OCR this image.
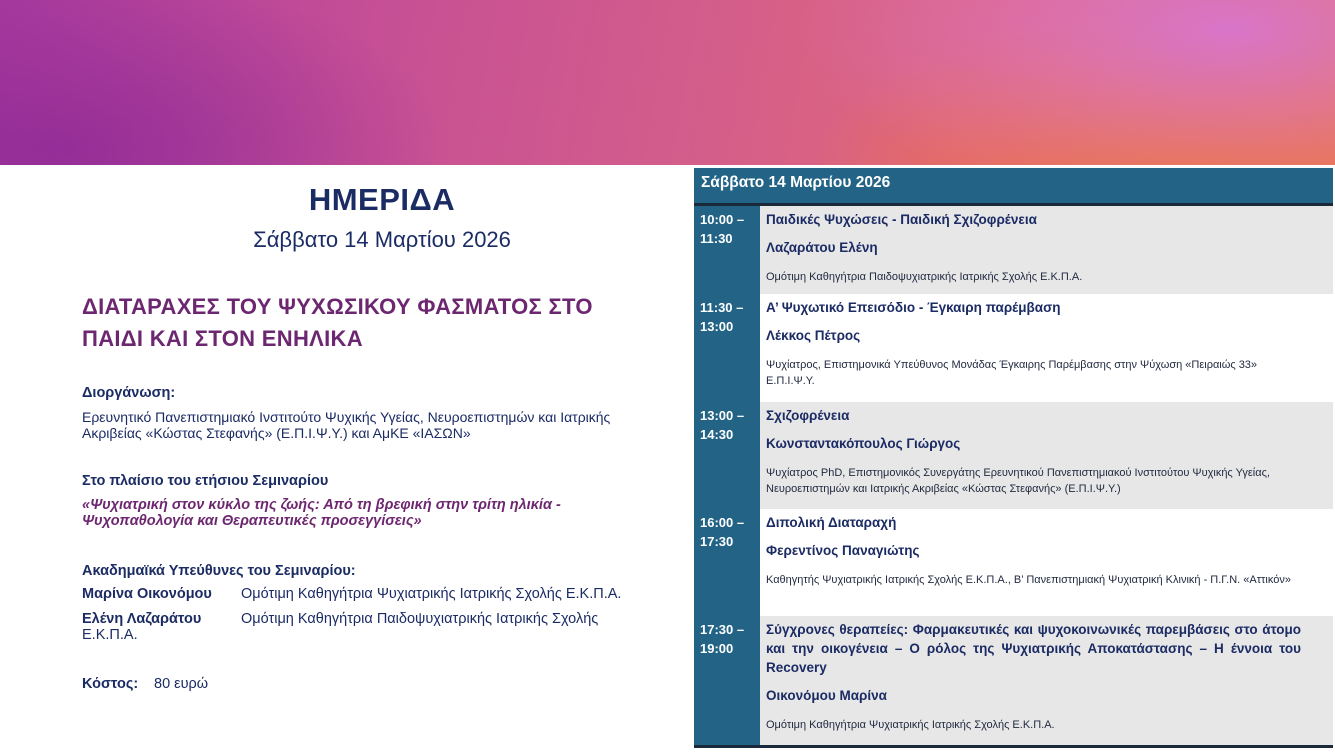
ΗΜΕΡΙΔΑ
Σάββατο 14 Μαρτίου 2026
ΔΙΑΤΑΡΑΧΕΣ ΤΟΥ ΨΥΧΩΣΙΚΟΥ ΦΑΣΜΑΤΟΣ ΣΤΟ
ΠΑΙΔΙ ΚΑΙ ΣΤΟΝ ΕΝΗΛΙΚΑ
Διοργάνωση:
Ερευνητικό Πανεπιστημιακό Ινστιτούτο Ψυχικής Υγείας, Νευροεπιστημών και Ιατρικής Ακριβείας «Κώστας Στεφανής» (Ε.Π.Ι.Ψ.Υ.) και ΑμΚΕ «ΙΑΣΩΝ»
Στο πλαίσιο του ετήσιου Σεμιναρίου
«Ψυχιατρική στον κύκλο της ζωής: Από τη βρεφική στην τρίτη ηλικία - Ψυχοπαθολογία και Θεραπευτικές προσεγγίσεις»
Ακαδημαϊκά Υπεύθυνες του Σεμιναρίου:
Μαρίνα Οικονόμου Ομότιμη Καθηγήτρια Ψυχιατρικής Ιατρικής Σχολής Ε.Κ.Π.Α.
Ελένη Λαζαράτου
Ε.Κ.Π.Α.
Ομότιμη Καθηγήτρια Παιδοψυχιατρικής Ιατρικής Σχολής
Κόστος: 80 ευρώ
Σάββατο 14 Μαρτίου 2026
10:00 –
11:30
Παιδικές Ψυχώσεις - Παιδική Σχιζοφρένεια
Λαζαράτου Ελένη
Ομότιμη Καθηγήτρια Παιδοψυχιατρικής Ιατρικής Σχολής Ε.Κ.Π.Α.
11:30 –
13:00
Α’ Ψυχωτικό Επεισόδιο - Έγκαιρη παρέμβαση
Λέκκος Πέτρος
Ψυχίατρος, Επιστημονικά Υπεύθυνος Μονάδας Έγκαιρης Παρέμβασης στην Ψύχωση «Πειραιώς 33» Ε.Π.Ι.Ψ.Υ.
13:00 –
14:30
Σχιζοφρένεια
Κωνσταντακόπουλος Γιώργος
Ψυχίατρος PhD, Επιστημονικός Συνεργάτης Ερευνητικού Πανεπιστημιακού Ινστιτούτου Ψυχικής Υγείας, Νευροεπιστημών και Ιατρικής Ακριβείας «Κώστας Στεφανής» (Ε.Π.Ι.Ψ.Υ.)
16:00 –
17:30
Διπολική Διαταραχή
Φερεντίνος Παναγιώτης
Καθηγητής Ψυχιατρικής Ιατρικής Σχολής Ε.Κ.Π.Α., Β’ Πανεπιστημιακή Ψυχιατρική Κλινική - Π.Γ.Ν. «Αττικόν»
17:30 –
19:00
Σύγχρονες θεραπείες: Φαρμακευτικές και ψυχοκοινωνικές παρεμβάσεις στο άτομο και την οικογένεια – Ο ρόλος της Ψυχιατρικής Αποκατάστασης – Η έννοια του Recovery
Οικονόμου Μαρίνα
Ομότιμη Καθηγήτρια Ψυχιατρικής Ιατρικής Σχολής Ε.Κ.Π.Α.
